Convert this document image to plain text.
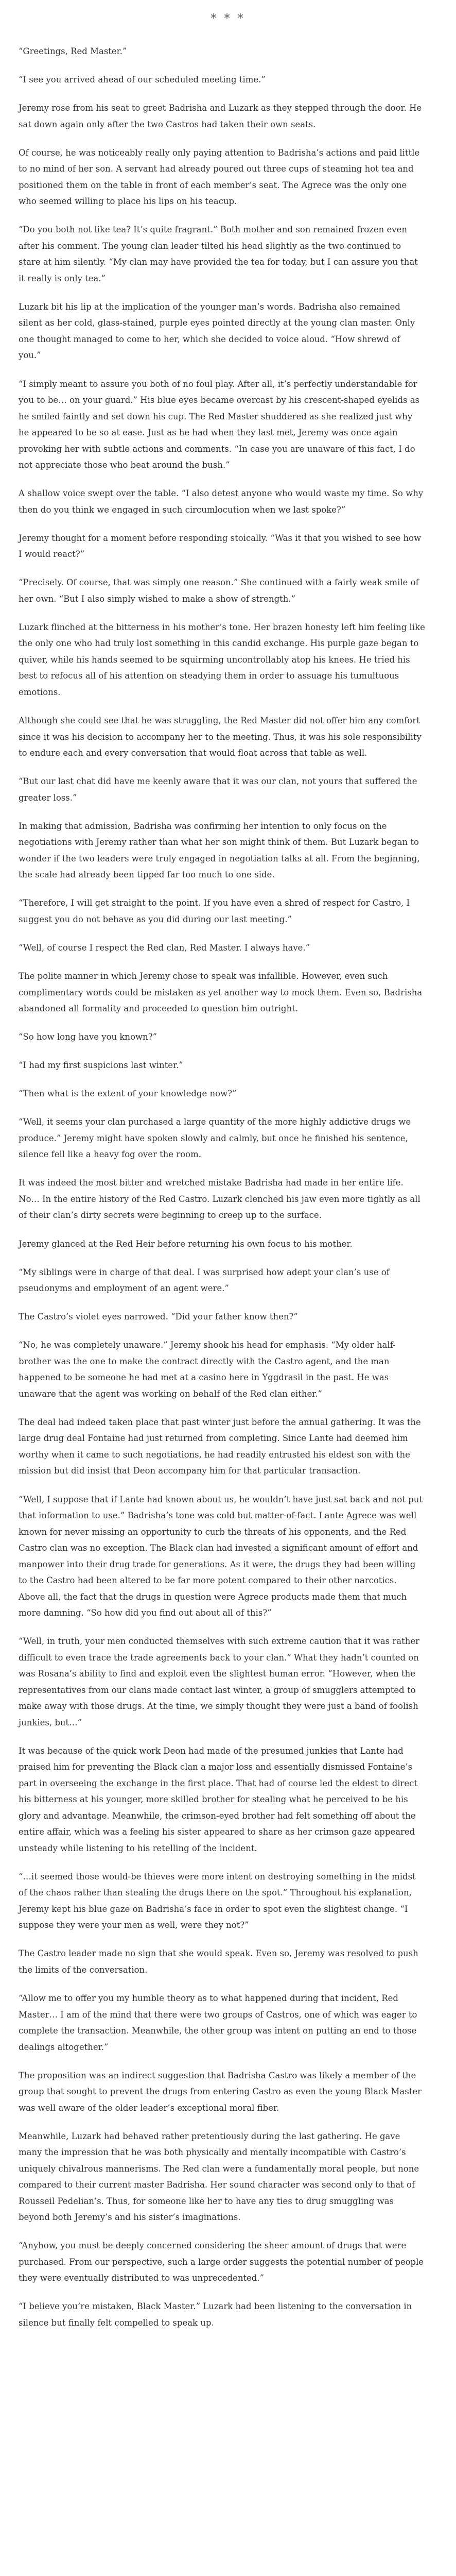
* * *

“Greetings, Red Master.”

“I see you arrived ahead of our scheduled meeting time.”

Jeremy rose from his seat to greet Badrisha and Luzark as they stepped through the door. He sat down again only after the two Castros had taken their own seats.

Of course, he was noticeably really only paying attention to Badrisha’s actions and paid little to no mind of her son. A servant had already poured out three cups of steaming hot tea and positioned them on the table in front of each member’s seat. The Agrece was the only one who seemed willing to place his lips on his teacup.

“Do you both not like tea? It’s quite fragrant.” Both mother and son remained frozen even after his comment. The young clan leader tilted his head slightly as the two continued to stare at him silently. “My clan may have provided the tea for today, but I can assure you that it really is only tea.”

Luzark bit his lip at the implication of the younger man’s words. Badrisha also remained silent as her cold, glass-stained, purple eyes pointed directly at the young clan master. Only one thought managed to come to her, which she decided to voice aloud. “How shrewd of you.”

“I simply meant to assure you both of no foul play. After all, it’s perfectly understandable for you to be… on your guard.” His blue eyes became overcast by his crescent-shaped eyelids as he smiled faintly and set down his cup. The Red Master shuddered as she realized just why he appeared to be so at ease. Just as he had when they last met, Jeremy was once again provoking her with subtle actions and comments. “In case you are unaware of this fact, I do not appreciate those who beat around the bush.”

A shallow voice swept over the table. “I also detest anyone who would waste my time. So why then do you think we engaged in such circumlocution when we last spoke?”

Jeremy thought for a moment before responding stoically. “Was it that you wished to see how I would react?”

“Precisely. Of course, that was simply one reason.” She continued with a fairly weak smile of her own. “But I also simply wished to make a show of strength.”

Luzark flinched at the bitterness in his mother’s tone. Her brazen honesty left him feeling like the only one who had truly lost something in this candid exchange. His purple gaze began to quiver, while his hands seemed to be squirming uncontrollably atop his knees. He tried his best to refocus all of his attention on steadying them in order to assuage his tumultuous emotions.

Although she could see that he was struggling, the Red Master did not offer him any comfort since it was his decision to accompany her to the meeting. Thus, it was his sole responsibility to endure each and every conversation that would float across that table as well.

“But our last chat did have me keenly aware that it was our clan, not yours that suffered the greater loss.”

In making that admission, Badrisha was confirming her intention to only focus on the negotiations with Jeremy rather than what her son might think of them. But Luzark began to wonder if the two leaders were truly engaged in negotiation talks at all. From the beginning, the scale had already been tipped far too much to one side.

“Therefore, I will get straight to the point. If you have even a shred of respect for Castro, I suggest you do not behave as you did during our last meeting.”

“Well, of course I respect the Red clan, Red Master. I always have.”

The polite manner in which Jeremy chose to speak was infallible. However, even such complimentary words could be mistaken as yet another way to mock them. Even so, Badrisha abandoned all formality and proceeded to question him outright.

“So how long have you known?”

“I had my first suspicions last winter.”

“Then what is the extent of your knowledge now?”

“Well, it seems your clan purchased a large quantity of the more highly addictive drugs we produce.” Jeremy might have spoken slowly and calmly, but once he finished his sentence, silence fell like a heavy fog over the room.

It was indeed the most bitter and wretched mistake Badrisha had made in her entire life. No… In the entire history of the Red Castro. Luzark clenched his jaw even more tightly as all of their clan’s dirty secrets were beginning to creep up to the surface.

Jeremy glanced at the Red Heir before returning his own focus to his mother.

“My siblings were in charge of that deal. I was surprised how adept your clan’s use of pseudonyms and employment of an agent were.”

The Castro’s violet eyes narrowed. “Did your father know then?”

“No, he was completely unaware.” Jeremy shook his head for emphasis. “My older half-brother was the one to make the contract directly with the Castro agent, and the man happened to be someone he had met at a casino here in Yggdrasil in the past. He was unaware that the agent was working on behalf of the Red clan either.”

The deal had indeed taken place that past winter just before the annual gathering. It was the large drug deal Fontaine had just returned from completing. Since Lante had deemed him worthy when it came to such negotiations, he had readily entrusted his eldest son with the mission but did insist that Deon accompany him for that particular transaction.

“Well, I suppose that if Lante had known about us, he wouldn’t have just sat back and not put that information to use.” Badrisha’s tone was cold but matter-of-fact. Lante Agrece was well known for never missing an opportunity to curb the threats of his opponents, and the Red Castro clan was no exception. The Black clan had invested a significant amount of effort and manpower into their drug trade for generations. As it were, the drugs they had been willing to the Castro had been altered to be far more potent compared to their other narcotics. Above all, the fact that the drugs in question were Agrece products made them that much more damning. “So how did you find out about all of this?”

“Well, in truth, your men conducted themselves with such extreme caution that it was rather difficult to even trace the trade agreements back to your clan.” What they hadn’t counted on was Rosana’s ability to find and exploit even the slightest human error. “However, when the representatives from our clans made contact last winter, a group of smugglers attempted to make away with those drugs. At the time, we simply thought they were just a band of foolish junkies, but…”

It was because of the quick work Deon had made of the presumed junkies that Lante had praised him for preventing the Black clan a major loss and essentially dismissed Fontaine’s part in overseeing the exchange in the first place. That had of course led the eldest to direct his bitterness at his younger, more skilled brother for stealing what he perceived to be his glory and advantage. Meanwhile, the crimson-eyed brother had felt something off about the entire affair, which was a feeling his sister appeared to share as her crimson gaze appeared unsteady while listening to his retelling of the incident.

“…it seemed those would-be thieves were more intent on destroying something in the midst of the chaos rather than stealing the drugs there on the spot.” Throughout his explanation, Jeremy kept his blue gaze on Badrisha’s face in order to spot even the slightest change. “I suppose they were your men as well, were they not?”

The Castro leader made no sign that she would speak. Even so, Jeremy was resolved to push the limits of the conversation.

“Allow me to offer you my humble theory as to what happened during that incident, Red Master… I am of the mind that there were two groups of Castros, one of which was eager to complete the transaction. Meanwhile, the other group was intent on putting an end to those dealings altogether.”

The proposition was an indirect suggestion that Badrisha Castro was likely a member of the group that sought to prevent the drugs from entering Castro as even the young Black Master was well aware of the older leader’s exceptional moral fiber.

Meanwhile, Luzark had behaved rather pretentiously during the last gathering. He gave many the impression that he was both physically and mentally incompatible with Castro’s uniquely chivalrous mannerisms. The Red clan were a fundamentally moral people, but none compared to their current master Badrisha. Her sound character was second only to that of Rousseil Pedelian’s. Thus, for someone like her to have any ties to drug smuggling was beyond both Jeremy’s and his sister’s imaginations.

“Anyhow, you must be deeply concerned considering the sheer amount of drugs that were purchased. From our perspective, such a large order suggests the potential number of people they were eventually distributed to was unprecedented.”

“I believe you’re mistaken, Black Master.” Luzark had been listening to the conversation in silence but finally felt compelled to speak up.
